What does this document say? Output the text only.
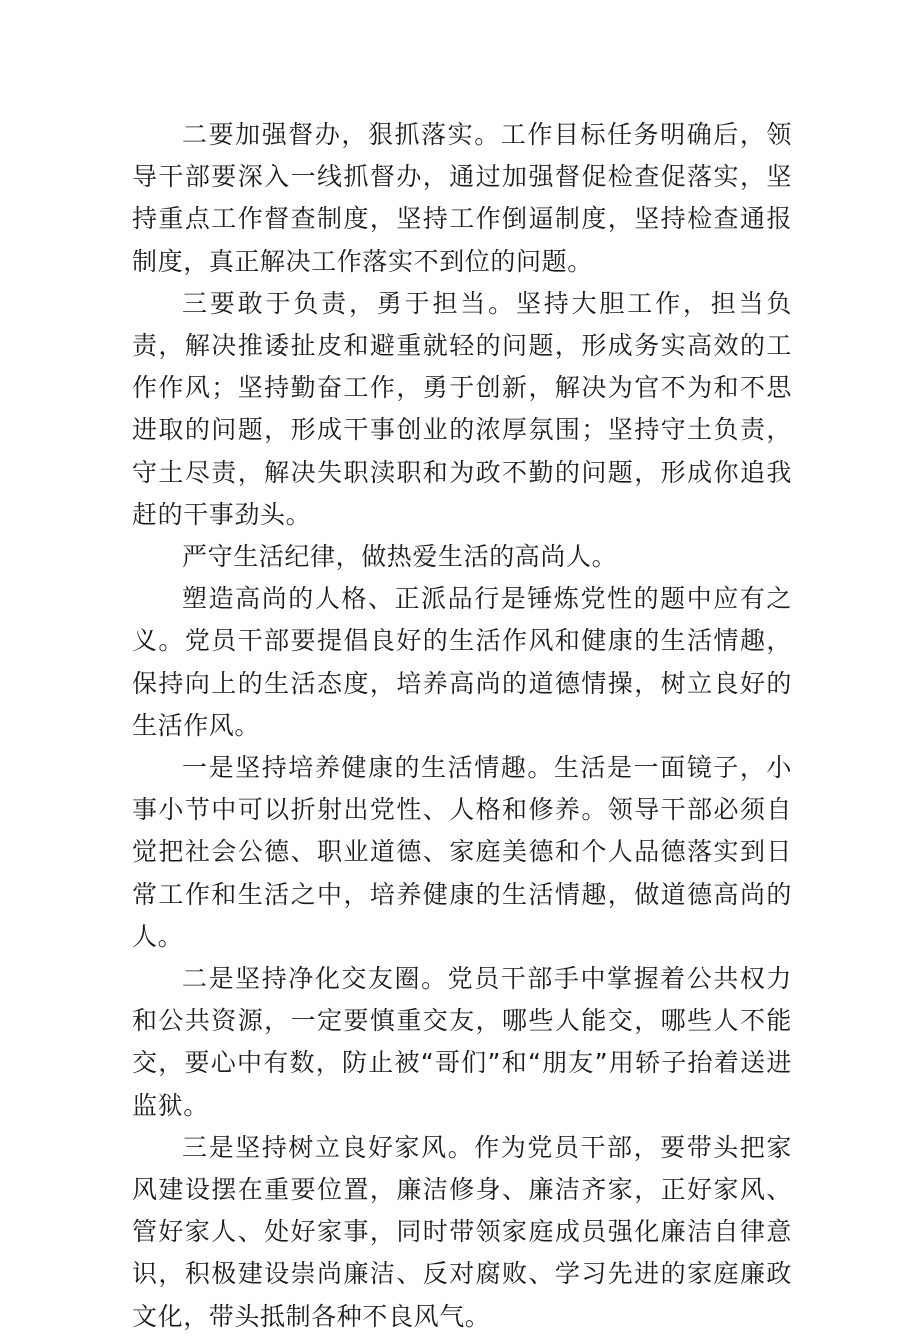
二要加强督办，狠抓落实。工作目标任务明确后，领导干部要深入一线抓督办，通过加强督促检查促落实，坚持重点工作督查制度，坚持工作倒逼制度，坚持检查通报制度，真正解决工作落实不到位的问题。

三要敢于负责，勇于担当。坚持大胆工作，担当负责，解决推诿扯皮和避重就轻的问题，形成务实高效的工作作风；坚持勤奋工作，勇于创新，解决为官不为和不思进取的问题，形成干事创业的浓厚氛围；坚持守土负责，守土尽责，解决失职渎职和为政不勤的问题，形成你追我赶的干事劲头。

严守生活纪律，做热爱生活的高尚人。

塑造高尚的人格、正派品行是锤炼党性的题中应有之义。党员干部要提倡良好的生活作风和健康的生活情趣，保持向上的生活态度，培养高尚的道德情操，树立良好的生活作风。

一是坚持培养健康的生活情趣。生活是一面镜子，小事小节中可以折射出党性、人格和修养。领导干部必须自觉把社会公德、职业道德、家庭美德和个人品德落实到日常工作和生活之中，培养健康的生活情趣，做道德高尚的人。

二是坚持净化交友圈。党员干部手中掌握着公共权力和公共资源，一定要慎重交友，哪些人能交，哪些人不能交，要心中有数，防止被“哥们”和“朋友”用轿子抬着送进监狱。

三是坚持树立良好家风。作为党员干部，要带头把家风建设摆在重要位置，廉洁修身、廉洁齐家，正好家风、管好家人、处好家事，同时带领家庭成员强化廉洁自律意识，积极建设崇尚廉洁、反对腐败、学习先进的家庭廉政文化，带头抵制各种不良风气。
